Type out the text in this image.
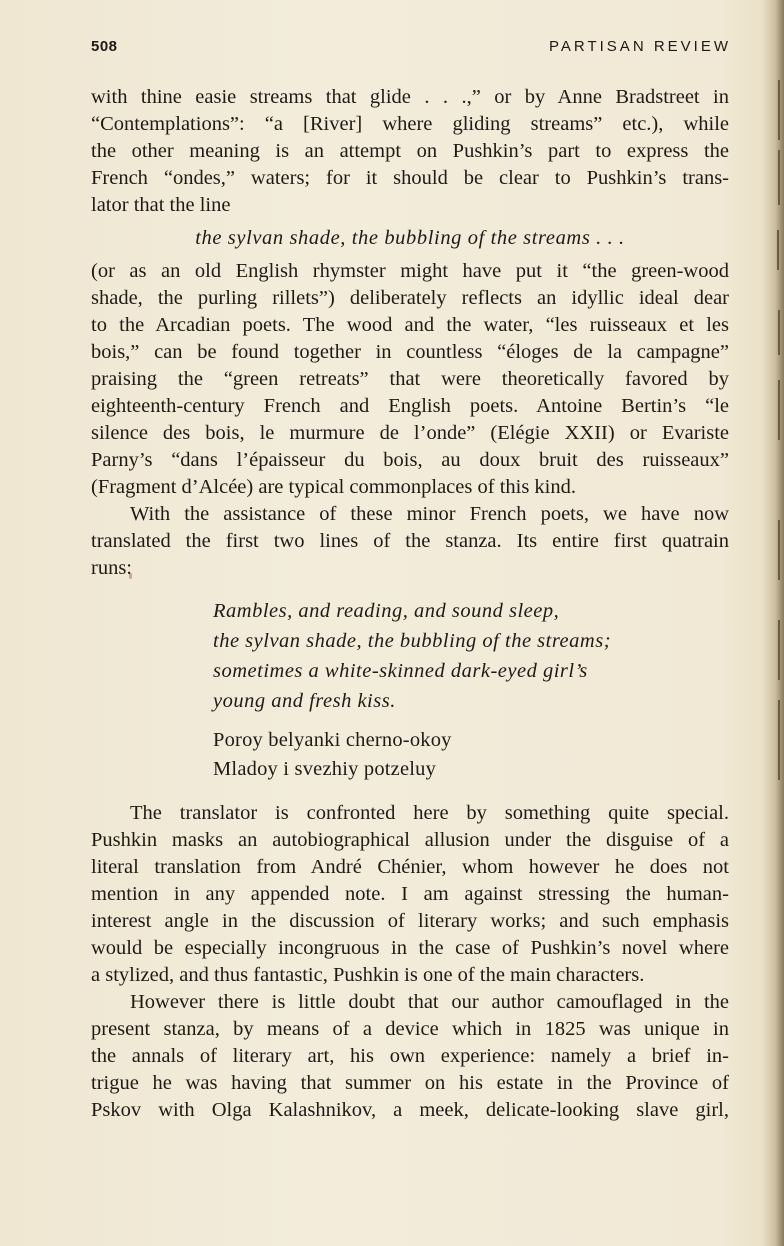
508	PARTISAN REVIEW
with thine easie streams that glide . . .,” or by Anne Bradstreet in
“Contemplations”: “a [River] where gliding streams” etc.), while
the other meaning is an attempt on Pushkin’s part to express the
French “ondes,” waters; for it should be clear to Pushkin’s trans-
lator that the line
the sylvan shade, the bubbling of the streams . . .
(or as an old English rhymster might have put it “the green-wood
shade, the purling rillets”) deliberately reflects an idyllic ideal dear
to the Arcadian poets. The wood and the water, “les ruisseaux et les
bois,” can be found together in countless “éloges de la campagne”
praising the “green retreats” that were theoretically favored by
eighteenth-century French and English poets. Antoine Bertin’s “le
silence des bois, le murmure de l’onde” (Elégie XXII) or Evariste
Parny’s “dans l’épaisseur du bois, au doux bruit des ruisseaux”
(Fragment d’Alcée) are typical commonplaces of this kind.
With the assistance of these minor French poets, we have now
translated the first two lines of the stanza. Its entire first quatrain
runs:
Rambles, and reading, and sound sleep,
the sylvan shade, the bubbling of the streams;
sometimes a white-skinned dark-eyed girl’s
young and fresh kiss.
Poroy belyanki cherno-okoy
Mladoy i svezhiy potzeluy
The translator is confronted here by something quite special.
Pushkin masks an autobiographical allusion under the disguise of a
literal translation from André Chénier, whom however he does not
mention in any appended note. I am against stressing the human-
interest angle in the discussion of literary works; and such emphasis
would be especially incongruous in the case of Pushkin’s novel where
a stylized, and thus fantastic, Pushkin is one of the main characters.
However there is little doubt that our author camouflaged in the
present stanza, by means of a device which in 1825 was unique in
the annals of literary art, his own experience: namely a brief in-
trigue he was having that summer on his estate in the Province of
Pskov with Olga Kalashnikov, a meek, delicate-looking slave girl,
